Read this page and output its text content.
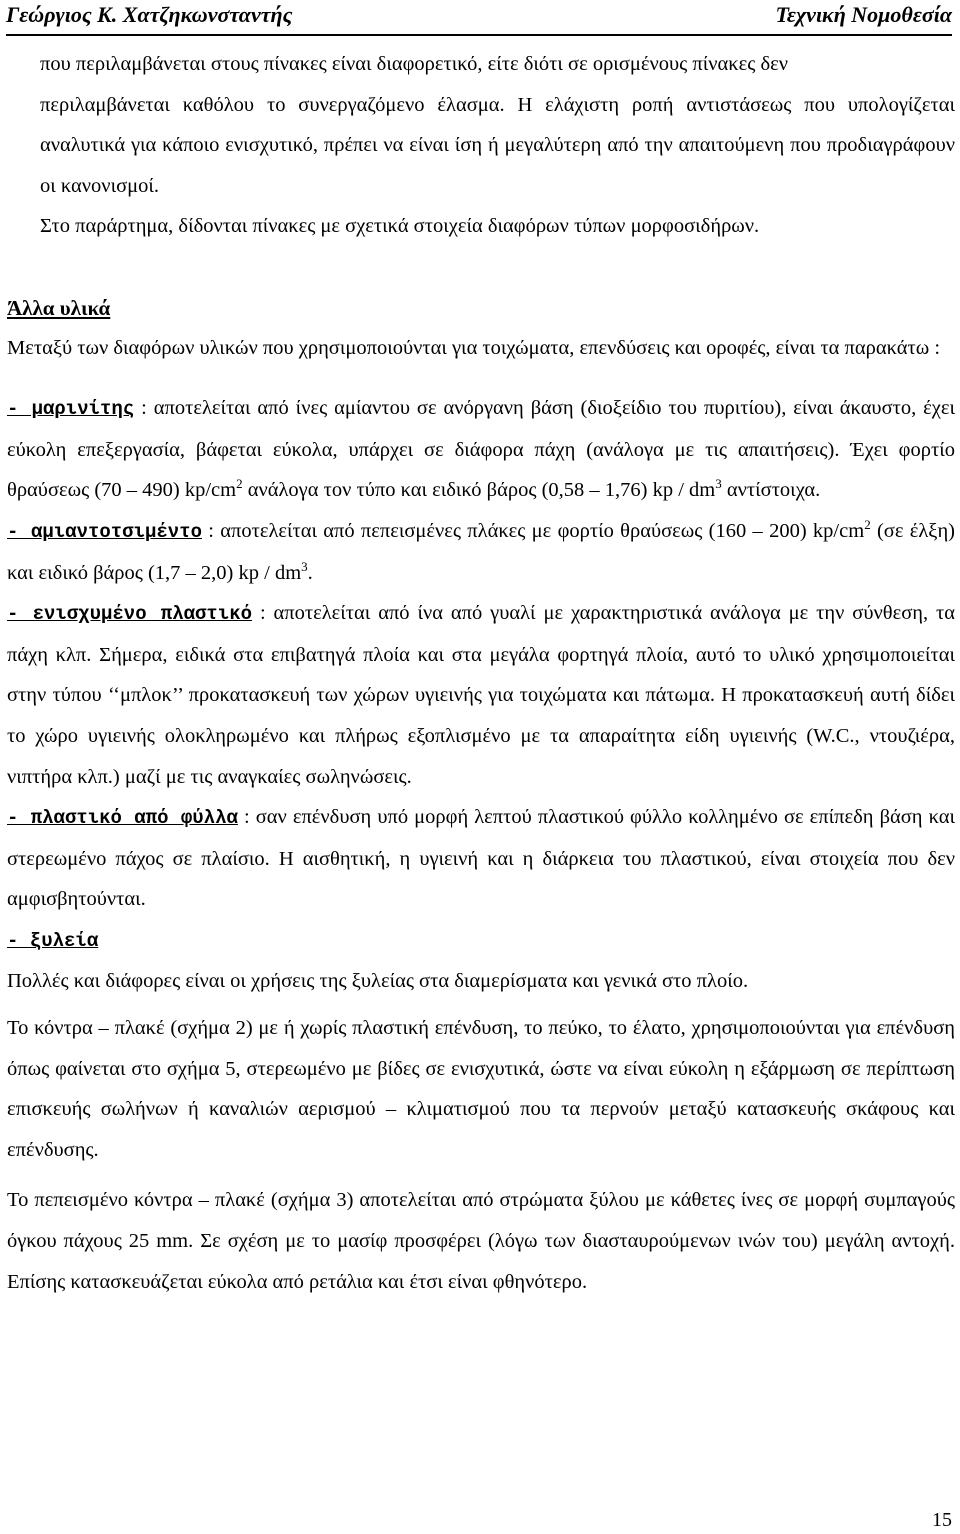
Γεώργιος Κ. Χατζηκωνσταντής	Τεχνική Νομοθεσία

που περιλαμβάνεται στους πίνακες είναι διαφορετικό, είτε διότι σε ορισμένους πίνακες δεν

περιλαμβάνεται καθόλου το συνεργαζόμενο έλασμα. Η ελάχιστη ροπή αντιστάσεως που υπολογίζεται αναλυτικά για κάποιο ενισχυτικό, πρέπει να είναι ίση ή μεγαλύτερη από την απαιτούμενη που προδιαγράφουν οι κανονισμοί.

Στο παράρτημα, δίδονται πίνακες με σχετικά στοιχεία διαφόρων τύπων μορφοσιδήρων.

Άλλα υλικά

Μεταξύ των διαφόρων υλικών που χρησιμοποιούνται για τοιχώματα, επενδύσεις και οροφές, είναι τα παρακάτω :

- μαρινίτης : αποτελείται από ίνες αμίαντου σε ανόργανη βάση (διοξείδιο του πυριτίου), είναι άκαυστο, έχει εύκολη επεξεργασία, βάφεται εύκολα, υπάρχει σε διάφορα πάχη (ανάλογα με τις απαιτήσεις). Έχει φορτίο θραύσεως (70 – 490) $kp/cm^2$ ανάλογα τον τύπο και ειδικό βάρος (0,58 – 1,76) kp / $dm^3$ αντίστοιχα.

- αμιαντοτσιμέντο : αποτελείται από πεπεισμένες πλάκες με φορτίο θραύσεως (160 – 200) $kp/cm^2$ (σε έλξη) και ειδικό βάρος (1,7 – 2,0) kp / $dm^3$.

- ενισχυμένο πλαστικό : αποτελείται από ίνα από γυαλί με χαρακτηριστικά ανάλογα με την σύνθεση, τα πάχη κλπ. Σήμερα, ειδικά στα επιβατηγά πλοία και στα μεγάλα φορτηγά πλοία, αυτό το υλικό χρησιμοποιείται στην τύπου ‘‘μπλοκ’’ προκατασκευή των χώρων υγιεινής για τοιχώματα και πάτωμα. Η προκατασκευή αυτή δίδει το χώρο υγιεινής ολοκληρωμένο και πλήρως εξοπλισμένο με τα απαραίτητα είδη υγιεινής (W.C., ντουζιέρα, νιπτήρα κλπ.) μαζί με τις αναγκαίες σωληνώσεις.

- πλαστικό από φύλλα : σαν επένδυση υπό μορφή λεπτού πλαστικού φύλλο κολλημένο σε επίπεδη βάση και στερεωμένο πάχος σε πλαίσιο. Η αισθητική, η υγιεινή και η διάρκεια του πλαστικού, είναι στοιχεία που δεν αμφισβητούνται.

- ξυλεία

Πολλές και διάφορες είναι οι χρήσεις της ξυλείας στα διαμερίσματα και γενικά στο πλοίο.

Το κόντρα – πλακέ (σχήμα 2) με ή χωρίς πλαστική επένδυση, το πεύκο, το έλατο, χρησιμοποιούνται για επένδυση όπως φαίνεται στο σχήμα 5, στερεωμένο με βίδες σε ενισχυτικά, ώστε να είναι εύκολη η εξάρμωση σε περίπτωση επισκευής σωλήνων ή καναλιών αερισμού – κλιματισμού που τα περνούν μεταξύ κατασκευής σκάφους και επένδυσης.

Το πεπεισμένο κόντρα – πλακέ (σχήμα 3) αποτελείται από στρώματα ξύλου με κάθετες ίνες σε μορφή συμπαγούς όγκου πάχους 25 mm. Σε σχέση με το μασίφ προσφέρει (λόγω των διασταυρούμενων ινών του) μεγάλη αντοχή. Επίσης κατασκευάζεται εύκολα από ρετάλια και έτσι είναι φθηνότερο.

15
